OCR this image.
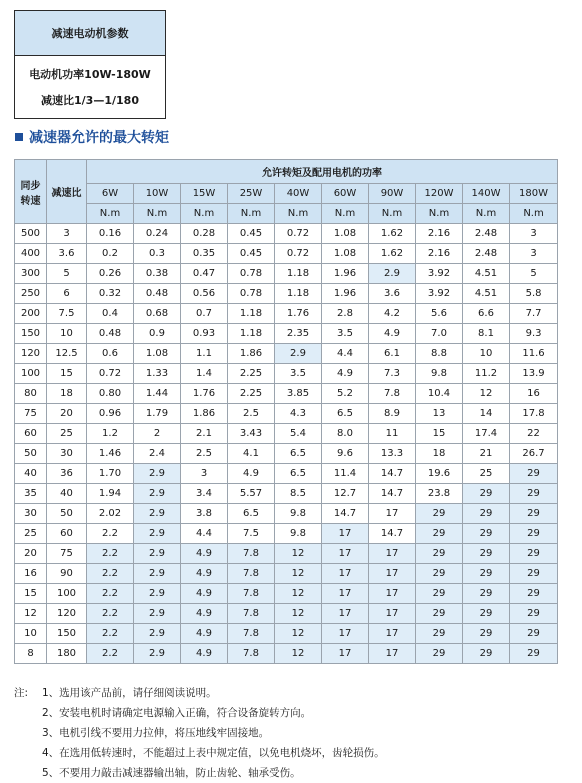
减速电动机参数
电动机功率10W-180W
减速比1/3—1/180
减速器允许的最大转矩
同步
转速	减速比	允许转矩及配用电机的功率									
		6W	10W	15W	25W	40W	60W	90W	120W	140W	180W
		N.m	N.m	N.m	N.m	N.m	N.m	N.m	N.m	N.m	N.m
500	3	0.16	0.24	0.28	0.45	0.72	1.08	1.62	2.16	2.48	3
400	3.6	0.2	0.3	0.35	0.45	0.72	1.08	1.62	2.16	2.48	3
300	5	0.26	0.38	0.47	0.78	1.18	1.96	2.9	3.92	4.51	5
250	6	0.32	0.48	0.56	0.78	1.18	1.96	3.6	3.92	4.51	5.8
200	7.5	0.4	0.68	0.7	1.18	1.76	2.8	4.2	5.6	6.6	7.7
150	10	0.48	0.9	0.93	1.18	2.35	3.5	4.9	7.0	8.1	9.3
120	12.5	0.6	1.08	1.1	1.86	2.9	4.4	6.1	8.8	10	11.6
100	15	0.72	1.33	1.4	2.25	3.5	4.9	7.3	9.8	11.2	13.9
80	18	0.80	1.44	1.76	2.25	3.85	5.2	7.8	10.4	12	16
75	20	0.96	1.79	1.86	2.5	4.3	6.5	8.9	13	14	17.8
60	25	1.2	2	2.1	3.43	5.4	8.0	11	15	17.4	22
50	30	1.46	2.4	2.5	4.1	6.5	9.6	13.3	18	21	26.7
40	36	1.70	2.9	3	4.9	6.5	11.4	14.7	19.6	25	29
35	40	1.94	2.9	3.4	5.57	8.5	12.7	14.7	23.8	29	29
30	50	2.02	2.9	3.8	6.5	9.8	14.7	17	29	29	29
25	60	2.2	2.9	4.4	7.5	9.8	17	14.7	29	29	29
20	75	2.2	2.9	4.9	7.8	12	17	17	29	29	29
16	90	2.2	2.9	4.9	7.8	12	17	17	29	29	29
15	100	2.2	2.9	4.9	7.8	12	17	17	29	29	29
12	120	2.2	2.9	4.9	7.8	12	17	17	29	29	29
10	150	2.2	2.9	4.9	7.8	12	17	17	29	29	29
8	180	2.2	2.9	4.9	7.8	12	17	17	29	29	29
注:	1、选用该产品前，请仔细阅读说明。
2、安装电机时请确定电源输入正确，符合设备旋转方向。
3、电机引线不要用力拉伸，将压地线牢固接地。
4、在选用低转速时，不能超过上表中规定值，以免电机烧坏，齿轮损伤。
5、不要用力敲击减速器输出轴，防止齿轮、轴承受伤。
